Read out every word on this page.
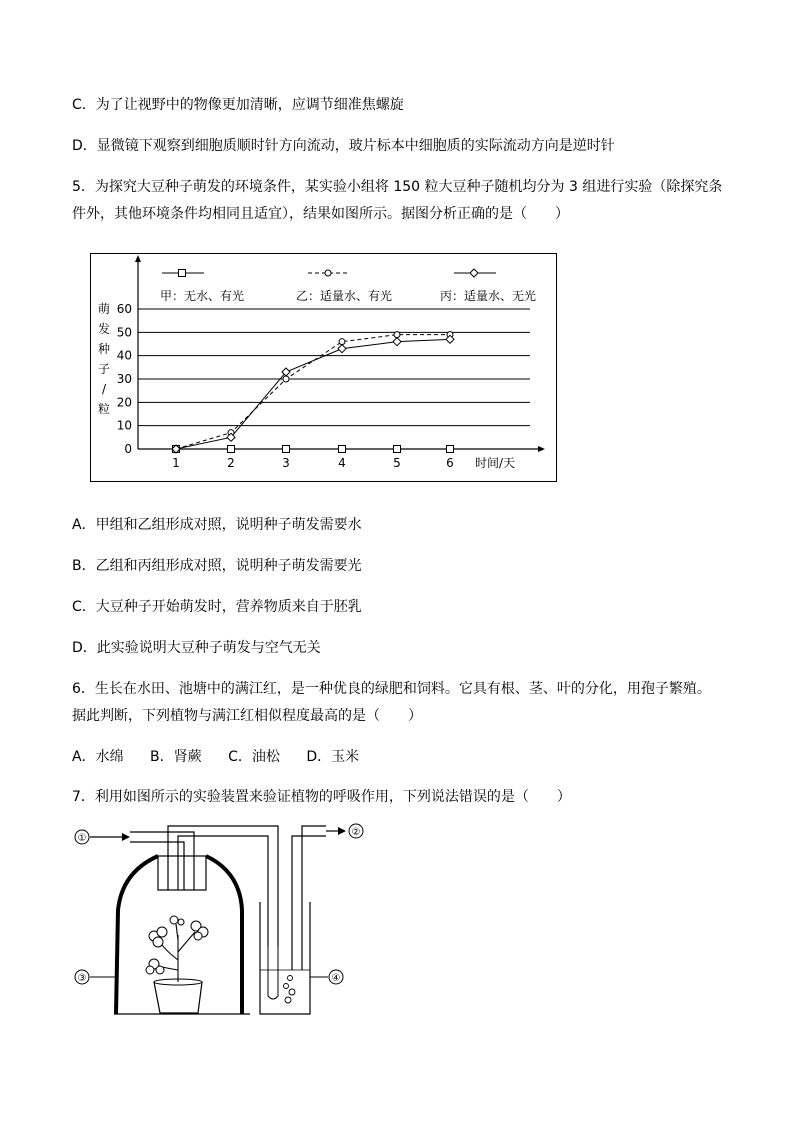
C．为了让视野中的物像更加清晰，应调节细准焦螺旋
D．显微镜下观察到细胞质顺时针方向流动，玻片标本中细胞质的实际流动方向是逆时针
5．为探究大豆种子萌发的环境条件，某实验小组将 150 粒大豆种子随机均分为 3 组进行实验（除探究条
件外，其他环境条件均相同且适宜），结果如图所示。据图分析正确的是（　　）
0
10
20
30
40
50
60
1	2	3	4	5	6
萌
发
种
子
/
粒
甲：无水、有光	乙：适量水、有光	丙：适量水、无光
时间/天
A．甲组和乙组形成对照，说明种子萌发需要水
B．乙组和丙组形成对照，说明种子萌发需要光
C．大豆种子开始萌发时，营养物质来自于胚乳
D．此实验说明大豆种子萌发与空气无关
6．生长在水田、池塘中的满江红，是一种优良的绿肥和饲料。它具有根、茎、叶的分化，用孢子繁殖。
据此判断，下列植物与满江红相似程度最高的是（　　）
A．水绵 B．肾蕨 C．油松 D．玉米
7．利用如图所示的实验装置来验证植物的呼吸作用，下列说法错误的是（　　）
①
③
②
④
